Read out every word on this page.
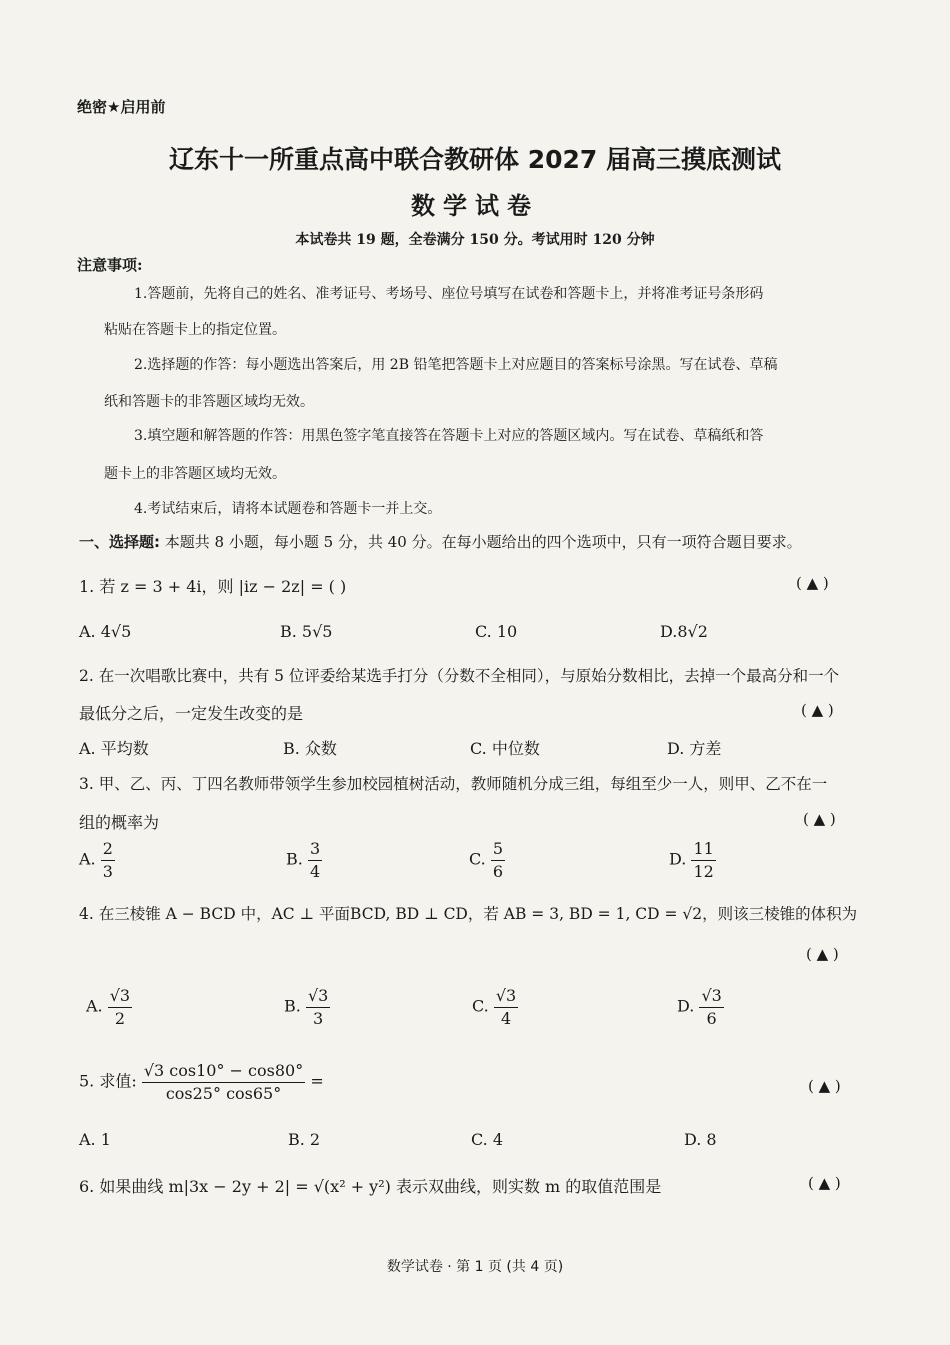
绝密★启用前
辽东十一所重点高中联合教研体 2027 届高三摸底测试
数学试卷
本试卷共 19 题，全卷满分 150 分。考试用时 120 分钟
注意事项:
1.答题前，先将自己的姓名、准考证号、考场号、座位号填写在试卷和答题卡上，并将准考证号条形码
粘贴在答题卡上的指定位置。
2.选择题的作答：每小题选出答案后，用 2B 铅笔把答题卡上对应题目的答案标号涂黑。写在试卷、草稿
纸和答题卡的非答题区域均无效。
3.填空题和解答题的作答：用黑色签字笔直接答在答题卡上对应的答题区域内。写在试卷、草稿纸和答
题卡上的非答题区域均无效。
4.考试结束后，请将本试题卷和答题卡一并上交。
一、选择题: 本题共 8 小题，每小题 5 分，共 40 分。在每小题给出的四个选项中，只有一项符合题目要求。
1. 若 z = 3 + 4i，则 |iz − 2z| = ( )	( ▲ )
A. 4√5	B. 5√5	C. 10	D.8√2
2. 在一次唱歌比赛中，共有 5 位评委给某选手打分（分数不全相同），与原始分数相比，去掉一个最高分和一个
最低分之后，一定发生改变的是	( ▲ )
A. 平均数	B. 众数	C. 中位数	D. 方差
3. 甲、乙、丙、丁四名教师带领学生参加校园植树活动，教师随机分成三组，每组至少一人，则甲、乙不在一
组的概率为	( ▲ )
A. $\frac{2}{3}$	B. $\frac{3}{4}$	C. $\frac{5}{6}$	D. $\frac{11}{12}$
4. 在三棱锥 A − BCD 中，AC ⊥ 平面BCD, BD ⊥ CD，若 AB = 3, BD = 1, CD = √2，则该三棱锥的体积为
( ▲ )
A. $\frac{√3}{2}$	B. $\frac{√3}{3}$	C. $\frac{√3}{4}$	D. $\frac{√3}{6}$
5. 求值: $\frac{√3 \cos 10^\circ - \cos 80^\circ}{\cos 25^\circ \cos 65^\circ}$ =	( ▲ )
A. 1	B. 2	C. 4	D. 8
6. 如果曲线 m|3x − 2y + 2| = √(x² + y²) 表示双曲线，则实数 m 的取值范围是	( ▲ )
数学试卷 · 第 1 页 (共 4 页)
